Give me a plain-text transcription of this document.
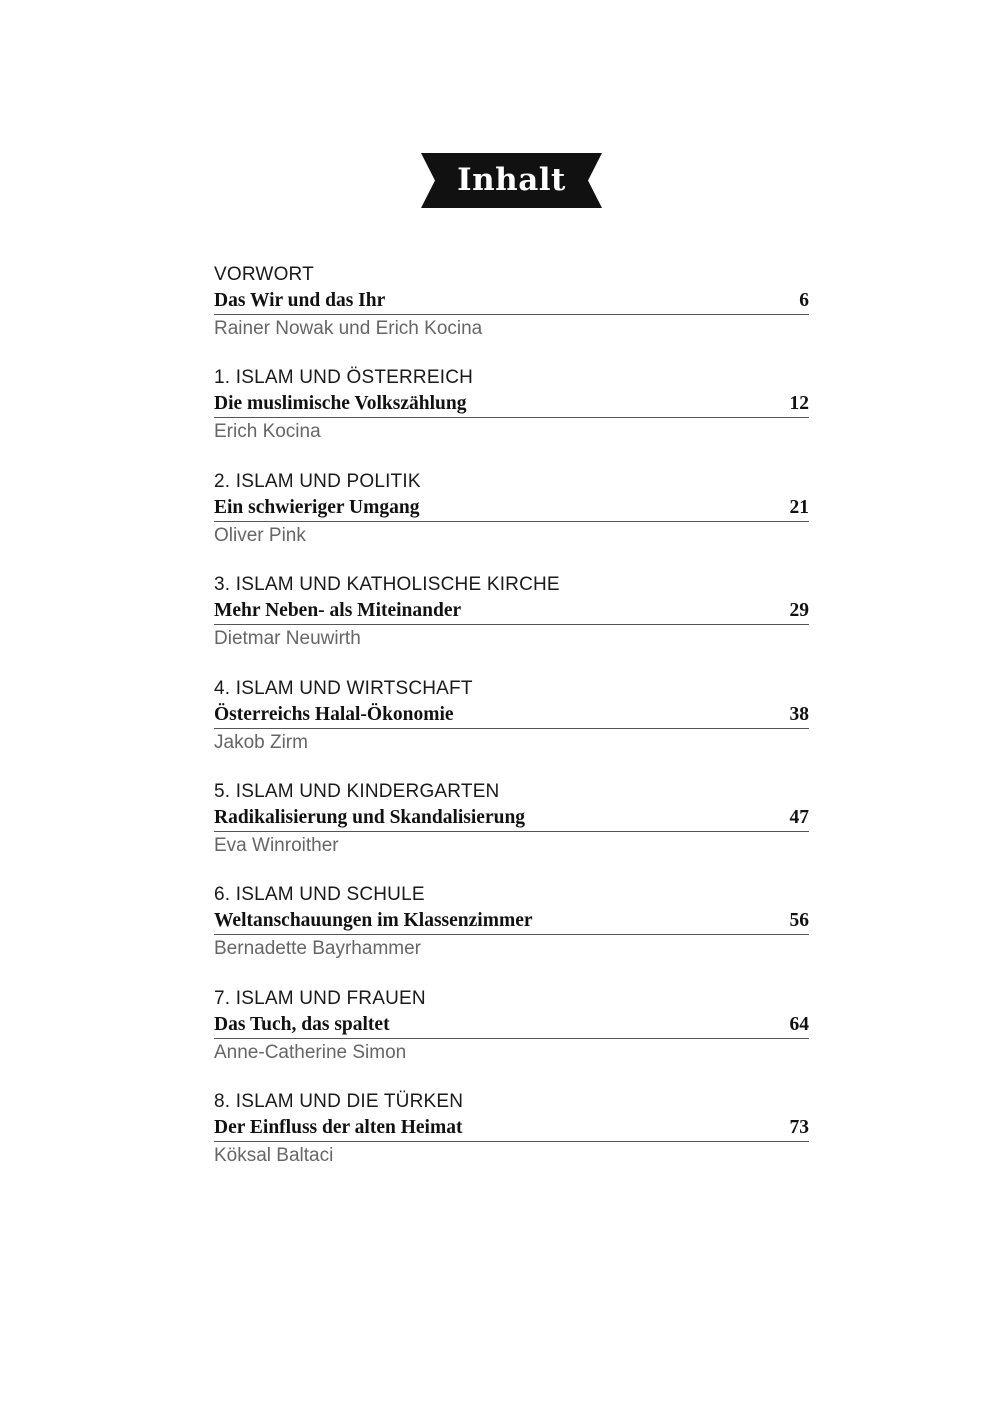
Inhalt
VORWORT
Das Wir und das Ihr	6
Rainer Nowak und Erich Kocina
1. ISLAM UND ÖSTERREICH
Die muslimische Volkszählung	12
Erich Kocina
2. ISLAM UND POLITIK
Ein schwieriger Umgang	21
Oliver Pink
3. ISLAM UND KATHOLISCHE KIRCHE
Mehr Neben- als Miteinander	29
Dietmar Neuwirth
4. ISLAM UND WIRTSCHAFT
Österreichs Halal-Ökonomie	38
Jakob Zirm
5. ISLAM UND KINDERGARTEN
Radikalisierung und Skandalisierung	47
Eva Winroither
6. ISLAM UND SCHULE
Weltanschauungen im Klassenzimmer	56
Bernadette Bayrhammer
7. ISLAM UND FRAUEN
Das Tuch, das spaltet	64
Anne-Catherine Simon
8. ISLAM UND DIE TÜRKEN
Der Einfluss der alten Heimat	73
Köksal Baltaci
